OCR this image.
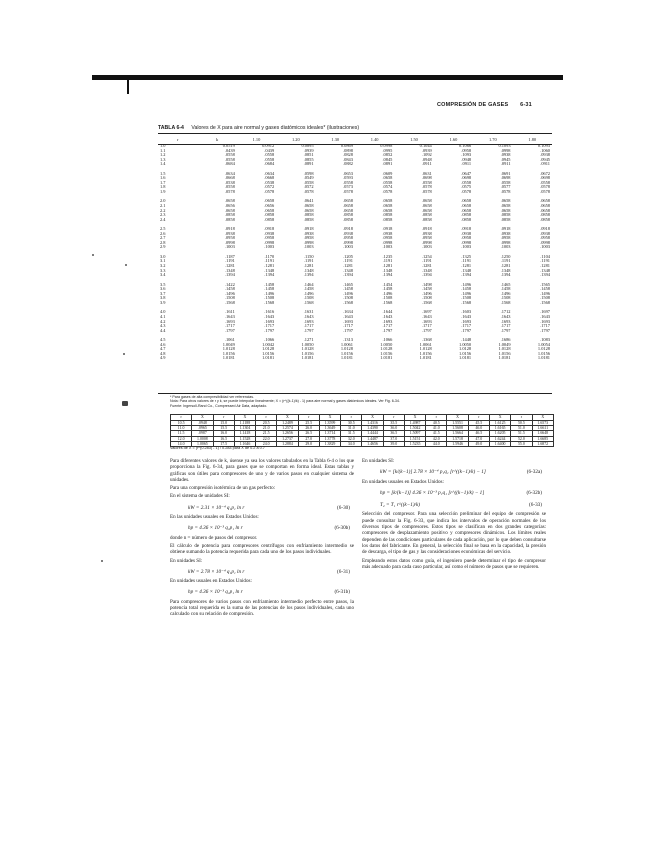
COMPRESIÓN DE GASES 6-31
TABLA 6-4 Valores de X para aire normal y gases diatómicos ideales* (ilustraciones)
r	k	1.10	1.20	1.30	1.40	1.50	1.60	1.70	1.80
1.0	0.0519	0.0912	0.0895	0.0869	0.0998	0.1044	0.1066	0.1093	0.1093
1.1	.0439	.0439	.0939	.0898	.0995	.0939	.0958	.0998	.1060
1.2	.0558	.0558	.0851	.0828	.0852	.1092	.1093	.0938	.0938
1.3	.0558	.0558	.0855	.0843	.0845	.0948	.0948	.0945	.0945
1.4	.0684	.0684	.0891	.0882	.0891	.0911	.0911	.0911	.0911

1.5	.0634	.0634	.0598	.0653	.0609	.0631	.0647	.0691	.0672
1.6	.0668	.0668	.0549	.0593	.0658	.0698	.0698	.0698	.0698
1.7	.0538	.0538	.0558	.0558	.0558	.0558	.0558	.0558	.0558
1.8	.0558	.0572	.0572	.0573	.0574	.0578	.0575	.0577	.0578
1.9	.0578	.0578	.0578	.0578	.0578	.0578	.0578	.0578	.0578

2.0	.0658	.0658	.0641	.0658	.0658	.0658	.0658	.0658	.0658
2.1	.0656	.0656	.0658	.0658	.0658	.0658	.0658	.0658	.0658
2.2	.0658	.0658	.0658	.0658	.0658	.0658	.0658	.0658	.0658
2.3	.0858	.0858	.0858	.0858	.0858	.0858	.0858	.0858	.0858
2.4	.0858	.0858	.0858	.0858	.0858	.0858	.0858	.0858	.0858

2.5	.0918	.0918	.0918	.0918	.0918	.0918	.0918	.0918	.0918
2.6	.0938	.0938	.0938	.0938	.0938	.0938	.0938	.0938	.0938
2.7	.0958	.0958	.0958	.0958	.0958	.0958	.0958	.0958	.0958
2.8	.0998	.0998	.0998	.0998	.0998	.0998	.0998	.0998	.0998
2.9	.1003	.1003	.1003	.1003	.1003	.1003	.1003	.1003	.1003

3.0	.1187	.1170	.1150	.1205	.1235	.1254	.1325	.1250	.1104
3.1	.1191	.1191	.1191	.1191	.1191	.1191	.1191	.1191	.1191
3.2	.1281	.1281	.1281	.1281	.1281	.1281	.1281	.1281	.1281
3.3	.1348	.1348	.1348	.1348	.1348	.1348	.1348	.1348	.1348
3.4	.1394	.1394	.1394	.1394	.1394	.1394	.1394	.1394	.1394

3.5	.1422	.1458	.1464	.1465	.1454	.1498	.1496	.1465	.1565
3.6	.1458	.1458	.1458	.1458	.1458	.1458	.1458	.1458	.1458
3.7	.1496	.1496	.1496	.1496	.1496	.1496	.1496	.1496	.1496
3.8	.1508	.1508	.1508	.1508	.1508	.1508	.1508	.1508	.1508
3.9	.1568	.1568	.1568	.1568	.1568	.1568	.1568	.1568	.1568

4.0	.1611	.1616	.1631	.1634	.1644	.1697	.1603	.1712	.1697
4.1	.1643	.1643	.1643	.1643	.1643	.1643	.1643	.1643	.1643
4.2	.1693	.1693	.1693	.1693	.1693	.1693	.1693	.1693	.1693
4.3	.1717	.1717	.1717	.1717	.1717	.1717	.1717	.1717	.1717
4.4	.1797	.1797	.1797	.1797	.1797	.1797	.1797	.1797	.1797

4.5	.1061	.1066	.1271	.1313	.1066	.1368	.1448	.1686	.1083
4.6	1.0049	1.0042	1.0050	1.0061	1.0050	1.0061	1.0050	1.0049	1.0054
4.7	1.0128	1.0128	1.0128	1.0128	1.0128	1.0128	1.0128	1.0128	1.0128
4.8	1.0156	1.0156	1.0156	1.0156	1.0156	1.0156	1.0156	1.0156	1.0156
4.9	1.0181	1.0181	1.0181	1.0181	1.0181	1.0181	1.0181	1.0181	1.0181
* Para gases de alta compresibilidad ver referencias.
Nota: Para otros valores de r y k, se puede interpolar linealmente; X = (r^((k-1)/k) - 1) para aire normal y gases diatómicos ideales. Ver Fig. 6-34.
Fuente: Ingersoll-Rand Co., Compressed Air Data, adaptado.
r	X	r	X	r	X	r	X	r	X	r	X	r	X	r	X	r	X
10.5	.0948	15.0	1.1188	20.5	1.2489	25.5	1.3599	30.5	1.4316	35.5	1.4987	40.5	1.5551	45.5	1.6125	50.5	1.6573
11.0	.0965	15.5	1.1304	21.0	1.2574	26.0	1.3649	31.0	1.4390	36.0	1.5042	41.0	1.5608	46.0	1.6165	51.0	1.6611
11.5	.0987	16.0	1.1418	21.5	1.2656	26.5	1.3714	31.5	1.4444	36.5	1.5097	41.5	1.5664	46.5	1.6205	51.5	1.6648
12.0	1.0008	16.5	1.1528	22.0	1.2737	27.0	1.3778	32.0	1.4487	37.0	1.5151	42.0	1.5718	47.0	1.6244	52.0	1.6685
14.0	1.0065	17.5	1.1646	24.0	1.2884	29.0	1.3829	34.0	1.4656	39.0	1.5235	44.0	1.5946	49.0	1.6400	55.0	1.6872
Valores de X = (r^(0.283) - 1) / 0.283 para X de 0.2 a 0.7

Para diferentes valores de k, úsense ya sea los valores tabulados en la Tabla 6-4 o los que proporciona la Fig. 6-34, para gases que se comportan en forma ideal. Estas tablas y gráficas son útiles para compresores de uno y de varios pasos en cualquier sistema de unidades.

Para una compresión isotérmica de un gas perfecto:

En el sistema de unidades SI:

kW = 2.31 × 10⁻⁴ q₁p₁ ln r	(6-30)

En las unidades usuales en Estados Unidos:

hp = 4.36 × 10⁻³ q₁p₁ ln r	(6-30b)

donde n = número de pasos del compresor.

El cálculo de potencia para compresores centrífugos con enfriamiento intermedio se obtiene sumando la potencia requerida para cada uno de los pasos individuales.

En unidades SI:

kW = 2.78 × 10⁻⁴ q₁p₁ ln r	(6-31)

En unidades usuales en Estados Unidos:

hp = 4.36 × 10⁻³ q₁p₁ ln r	(6-31b)

Para compresores de varios pasos con enfriamiento intermedio perfecto entre pasos, la potencia total requerida es la suma de las potencias de los pasos individuales, cada uno calculado con su relación de compresión.

En unidades SI:

kW = [k/(k−1)] 2.78 × 10⁻⁴ p₁q₁ [r^((k−1)/k) − 1]	(6-32a)

En unidades usuales en Estados Unidos:

hp = [k/(k−1)] 4.36 × 10⁻³ p₁q₁ [r^((k−1)/k) − 1]	(6-32b)
T₂ = T₁ r^((k−1)/k)	(6-33)

Selección del compresor. Para una selección preliminar del equipo de compresión se puede consultar la Fig. 6-33, que indica los intervalos de operación normales de los diversos tipos de compresores. Estos tipos se clasifican en dos grandes categorías: compresores de desplazamiento positivo y compresores dinámicos. Los límites reales dependen de las condiciones particulares de cada aplicación, por lo que deben consultarse los datos del fabricante. En general, la selección final se basa en la capacidad, la presión de descarga, el tipo de gas y las consideraciones económicas del servicio.

Empleando estos datos como guía, el ingeniero puede determinar el tipo de compresor más adecuado para cada caso particular, así como el número de pasos que se requieren.
